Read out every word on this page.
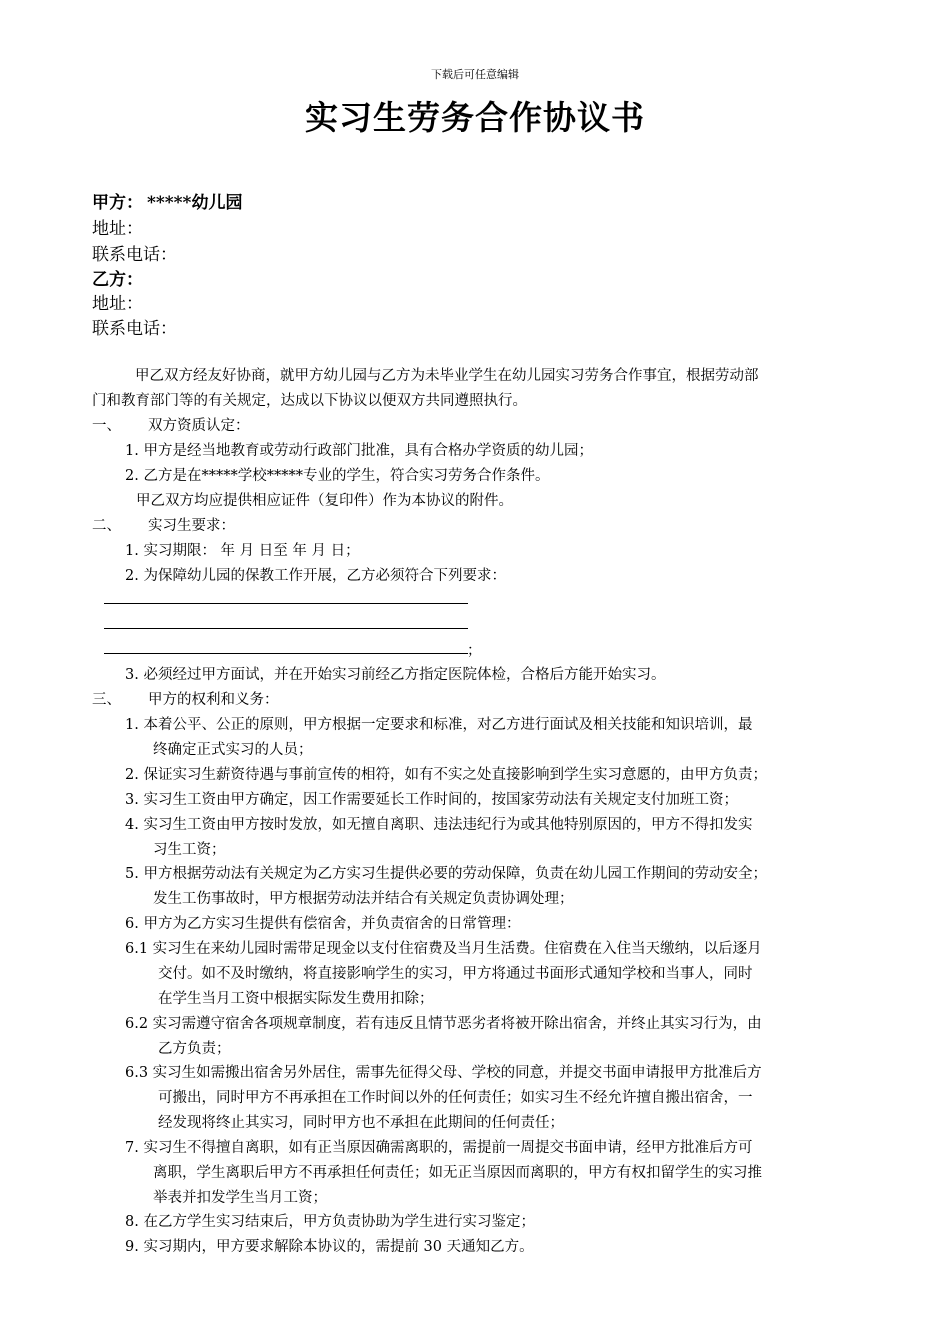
下载后可任意编辑
实习生劳务合作协议书
甲方： *****幼儿园
地址：
联系电话：
乙方：
地址：
联系电话：
甲乙双方经友好协商，就甲方幼儿园与乙方为未毕业学生在幼儿园实习劳务合作事宜，根据劳动部
门和教育部门等的有关规定，达成以下协议以便双方共同遵照执行。
一、 双方资质认定：
1. 甲方是经当地教育或劳动行政部门批准，具有合格办学资质的幼儿园；
2. 乙方是在*****学校*****专业的学生，符合实习劳务合作条件。
甲乙双方均应提供相应证件（复印件）作为本协议的附件。
二、 实习生要求：
1. 实习期限： 年 月 日至 年 月 日；
2. 为保障幼儿园的保教工作开展，乙方必须符合下列要求：
；
3. 必须经过甲方面试，并在开始实习前经乙方指定医院体检，合格后方能开始实习。
三、 甲方的权利和义务：
1. 本着公平、公正的原则，甲方根据一定要求和标准，对乙方进行面试及相关技能和知识培训，最
终确定正式实习的人员；
2. 保证实习生薪资待遇与事前宣传的相符，如有不实之处直接影响到学生实习意愿的，由甲方负责；
3. 实习生工资由甲方确定，因工作需要延长工作时间的，按国家劳动法有关规定支付加班工资；
4. 实习生工资由甲方按时发放，如无擅自离职、违法违纪行为或其他特别原因的，甲方不得扣发实
习生工资；
5. 甲方根据劳动法有关规定为乙方实习生提供必要的劳动保障，负责在幼儿园工作期间的劳动安全；
发生工伤事故时，甲方根据劳动法并结合有关规定负责协调处理；
6. 甲方为乙方实习生提供有偿宿舍，并负责宿舍的日常管理：
6.1 实习生在来幼儿园时需带足现金以支付住宿费及当月生活费。住宿费在入住当天缴纳，以后逐月
交付。如不及时缴纳，将直接影响学生的实习，甲方将通过书面形式通知学校和当事人，同时
在学生当月工资中根据实际发生费用扣除；
6.2 实习需遵守宿舍各项规章制度，若有违反且情节恶劣者将被开除出宿舍，并终止其实习行为，由
乙方负责；
6.3 实习生如需搬出宿舍另外居住，需事先征得父母、学校的同意，并提交书面申请报甲方批准后方
可搬出，同时甲方不再承担在工作时间以外的任何责任；如实习生不经允许擅自搬出宿舍，一
经发现将终止其实习，同时甲方也不承担在此期间的任何责任；
7. 实习生不得擅自离职，如有正当原因确需离职的，需提前一周提交书面申请，经甲方批准后方可
离职，学生离职后甲方不再承担任何责任；如无正当原因而离职的，甲方有权扣留学生的实习推
举表并扣发学生当月工资；
8. 在乙方学生实习结束后，甲方负责协助为学生进行实习鉴定；
9. 实习期内，甲方要求解除本协议的，需提前 30 天通知乙方。
